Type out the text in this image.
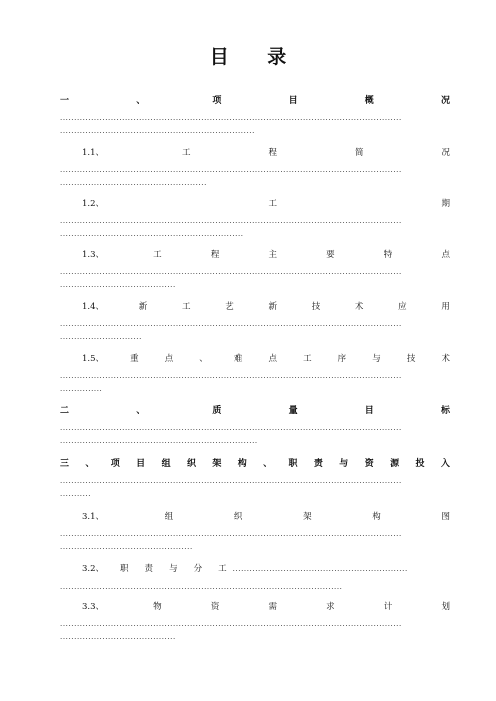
目 录
一	、	项	目	概	况
.........................................................................................................................
.....................................................................
1.1、	工	程	简	况
.........................................................................................................................
....................................................
1.2、	工	期
.........................................................................................................................
.................................................................
1.3、	工	程	主	要	特	点
.........................................................................................................................
.........................................
1.4、	新	工	艺	新	技	术	应	用
.........................................................................................................................
.............................
1.5、	重	点	、	难	点	工	序	与	技	术
.........................................................................................................................
...............
二	、	质	量	目	标
.........................................................................................................................
......................................................................
三 、 项 目 组 织 架 构 、 职 责 与 资 源 投 入
.........................................................................................................................
...........
3.1、	组	织	架	构	图
.........................................................................................................................
...............................................
3.2、 职 责 与 分 工 ..............................................................
....................................................................................................
3.3、	物	资	需	求	计	划
.........................................................................................................................
.........................................
